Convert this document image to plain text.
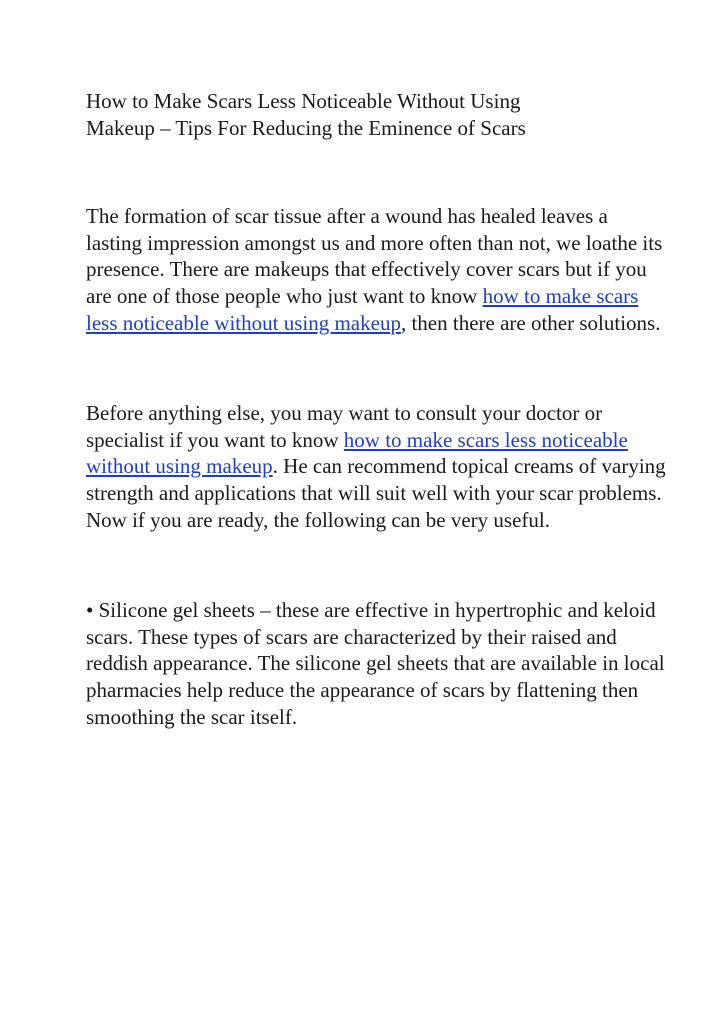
How to Make Scars Less Noticeable Without Using
Makeup – Tips For Reducing the Eminence of Scars

The formation of scar tissue after a wound has healed leaves a lasting impression amongst us and more often than not, we loathe its presence. There are makeups that effectively cover scars but if you are one of those people who just want to know how to make scars less noticeable without using makeup, then there are other solutions.

Before anything else, you may want to consult your doctor or specialist if you want to know how to make scars less noticeable without using makeup. He can recommend topical creams of varying strength and applications that will suit well with your scar problems. Now if you are ready, the following can be very useful.

• Silicone gel sheets – these are effective in hypertrophic and keloid scars. These types of scars are characterized by their raised and reddish appearance. The silicone gel sheets that are available in local pharmacies help reduce the appearance of scars by flattening then smoothing the scar itself.
